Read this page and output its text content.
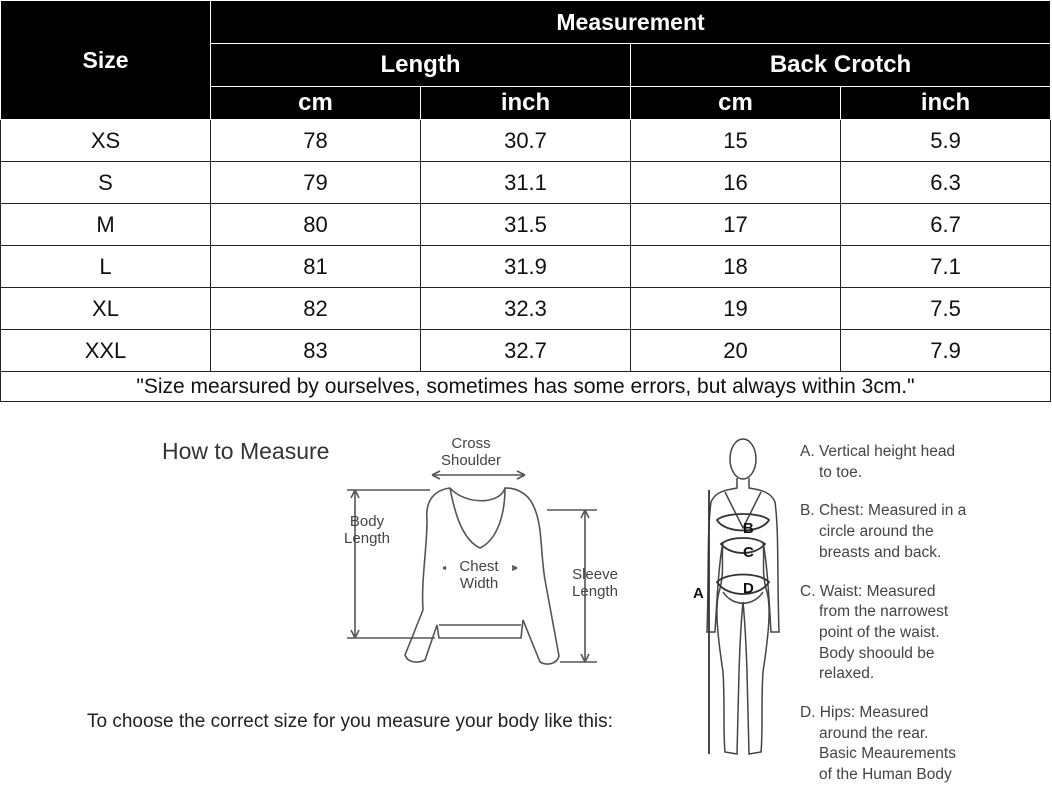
Size	Measurement			
	Length		Back Crotch	
	cm	inch	cm	inch
XS	78	30.7	15	5.9
S	79	31.1	16	6.3
M	80	31.5	17	6.7
L	81	31.9	18	7.1
XL	82	32.3	19	7.5
XXL	83	32.7	20	7.9
"Size mearsured by ourselves, sometimes has some errors, but always within 3cm."				
How to Measure	Cross
Shoulder
Body
Length
Chest
Width
Sleeve
Length
To choose the correct size for you measure your body like this:
A
B
C
D
A. Vertical height head
to toe.
B. Chest: Measured in a
circle around the
breasts and back.
C. Waist: Measured
from the narrowest
point of the waist.
Body shoould be
relaxed.
D. Hips: Measured
around the rear.
Basic Meaurements
of the Human Body
